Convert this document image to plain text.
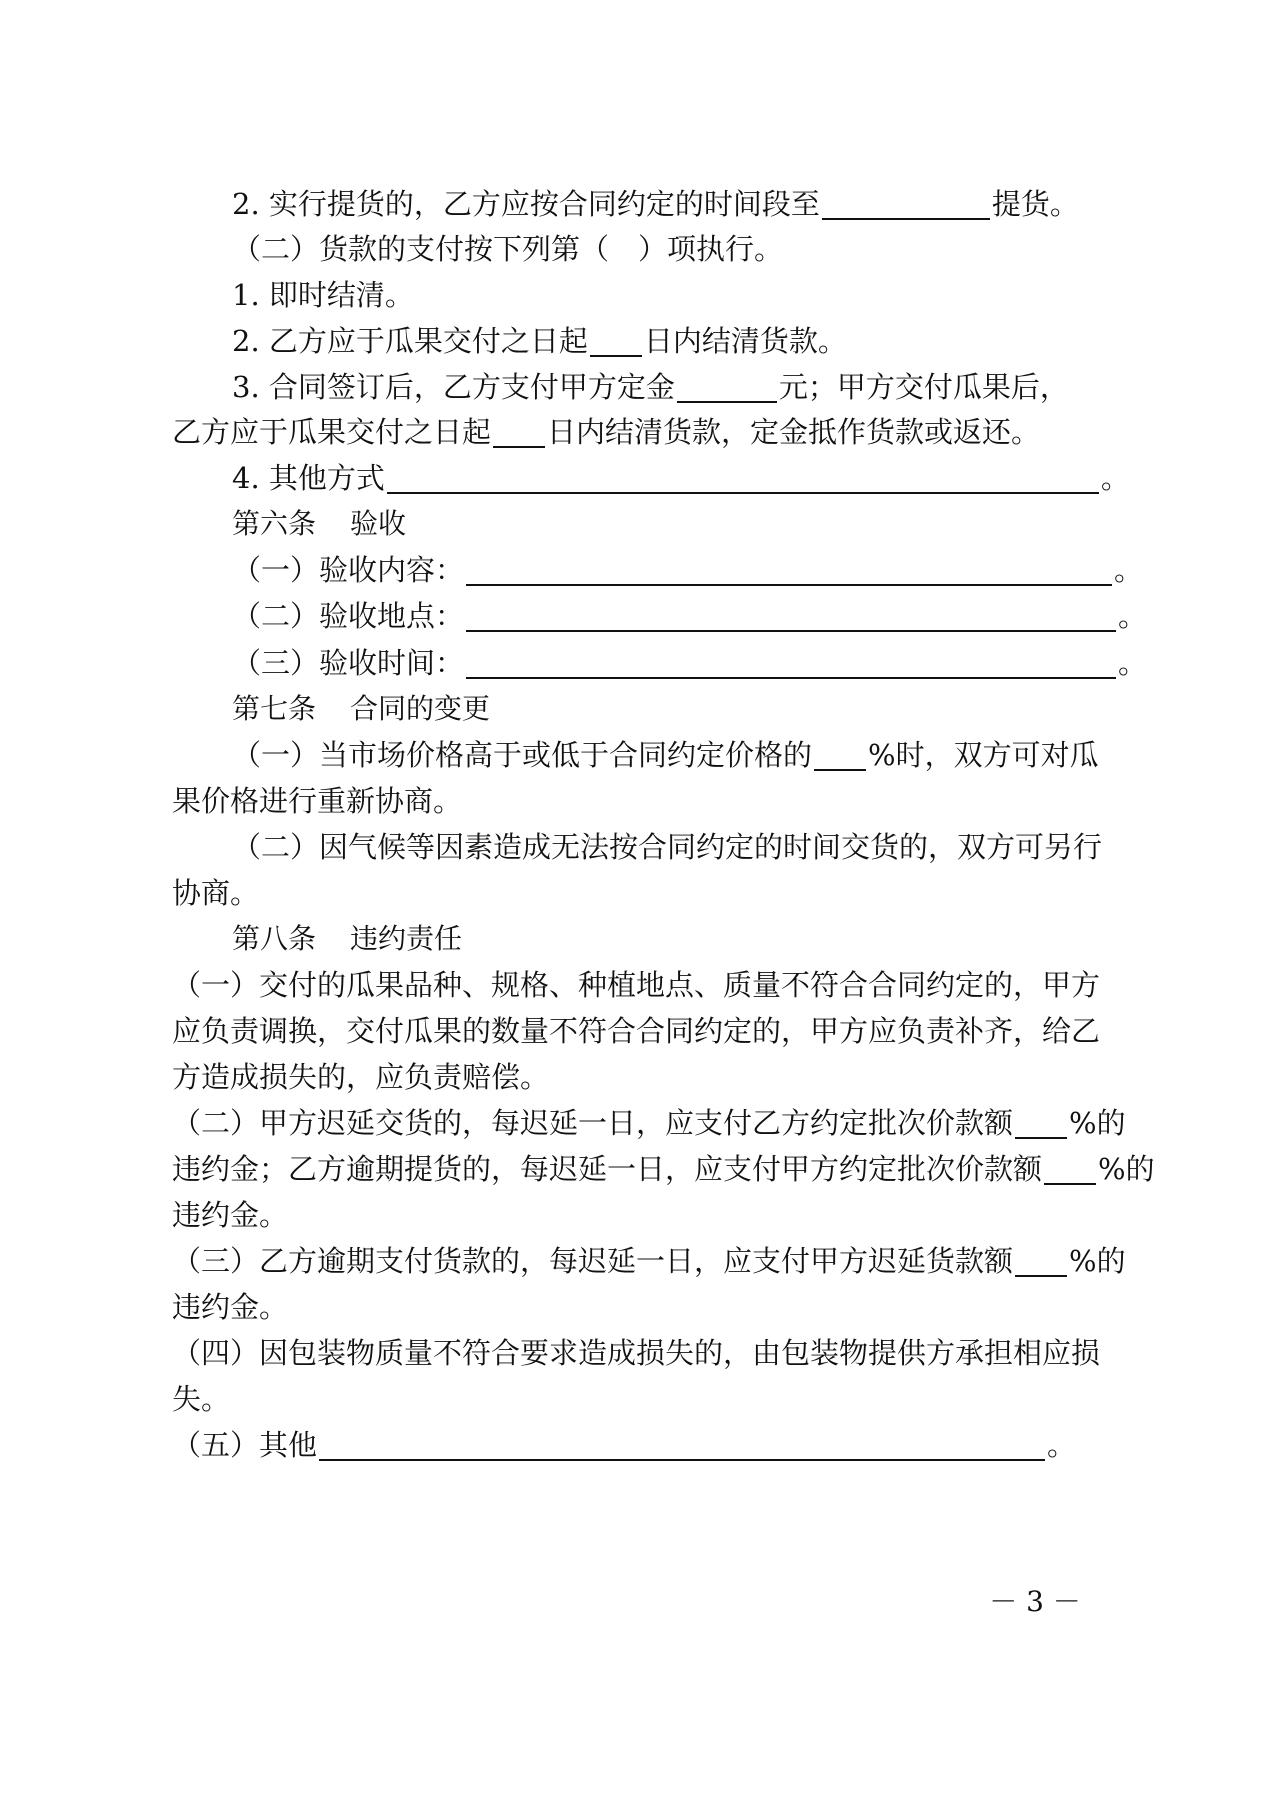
2. 实行提货的，乙方应按合同约定的时间段至	提货。
（二）货款的支付按下列第（　）项执行。
1. 即时结清。
2. 乙方应于瓜果交付之日起 日内结清货款。
3. 合同签订后，乙方支付甲方定金	元；甲方交付瓜果后，
乙方应于瓜果交付之日起 日内结清货款，定金抵作货款或返还。
4. 其他方式	。
第六条 验收
（一）验收内容：	。
（二）验收地点：	。
（三）验收时间：	。
第七条 合同的变更
（一）当市场价格高于或低于合同约定价格的 %时，双方可对瓜
果价格进行重新协商。
（二）因气候等因素造成无法按合同约定的时间交货的，双方可另行
协商。
第八条 违约责任
（一）交付的瓜果品种、规格、种植地点、质量不符合合同约定的，甲方
应负责调换，交付瓜果的数量不符合合同约定的，甲方应负责补齐，给乙
方造成损失的，应负责赔偿。
（二）甲方迟延交货的，每迟延一日，应支付乙方约定批次价款额 %的
违约金；乙方逾期提货的，每迟延一日，应支付甲方约定批次价款额 %的
违约金。
（三）乙方逾期支付货款的，每迟延一日，应支付甲方迟延货款额 %的
违约金。
（四）因包装物质量不符合要求造成损失的，由包装物提供方承担相应损
失。
（五）其他	。
－ 3 －
